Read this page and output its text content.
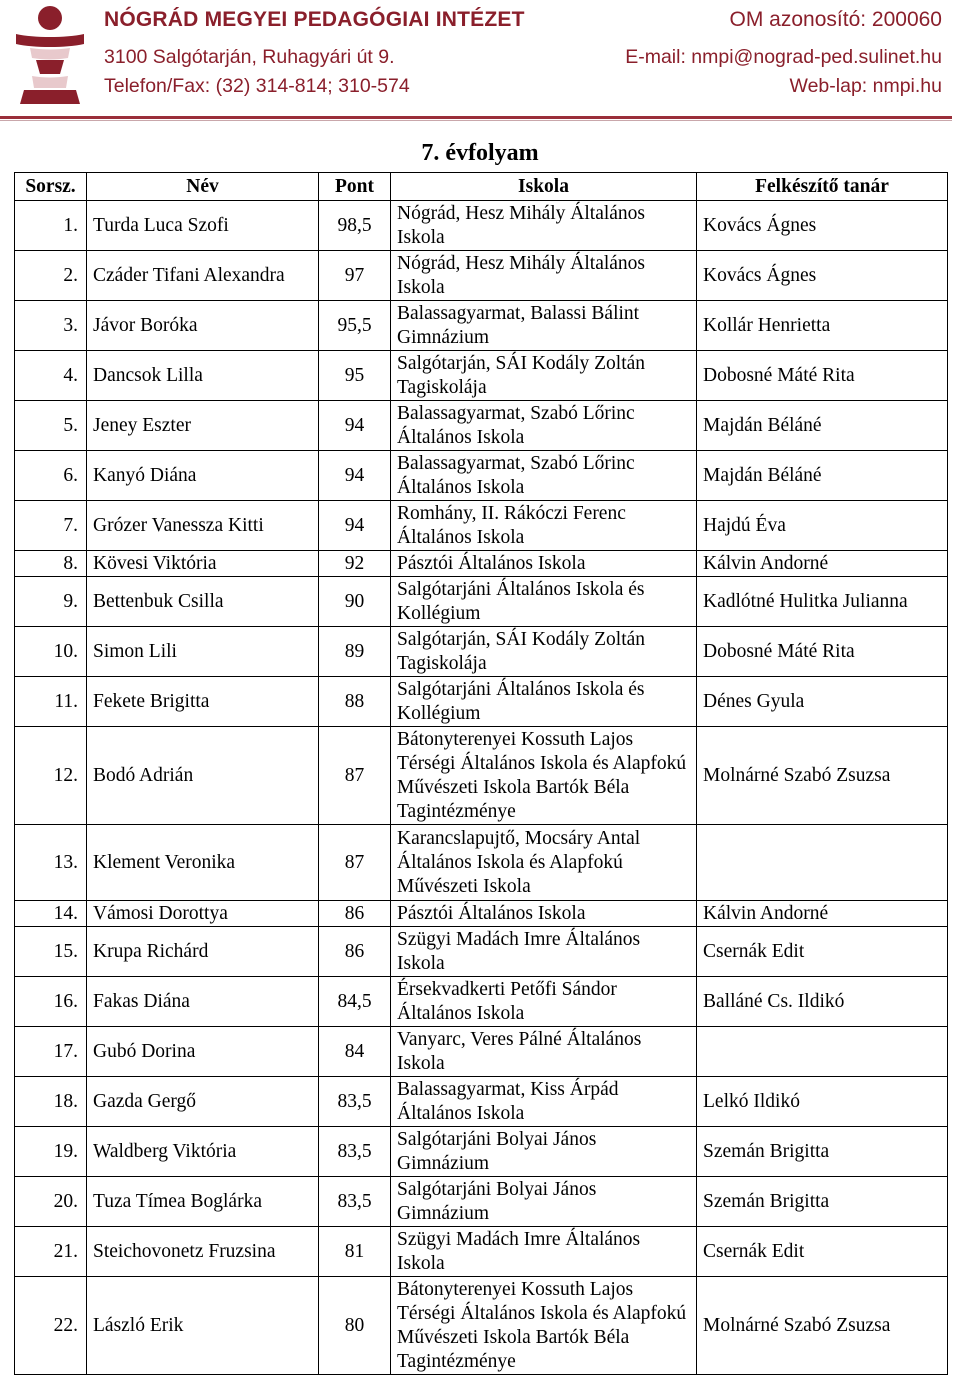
NÓGRÁD MEGYEI PEDAGÓGIAI INTÉZET	OM azonosító: 200060
3100 Salgótarján, Ruhagyári út 9.	E-mail: nmpi@nograd-ped.sulinet.hu
Telefon/Fax: (32) 314-814; 310-574	Web-lap: nmpi.hu
7. évfolyam
Sorsz.	Név	Pont	Iskola	Felkészítő tanár
1.	Turda Luca Szofi	98,5	Nógrád, Hesz Mihály Általános Iskola	Kovács Ágnes
2.	Czáder Tifani Alexandra	97	Nógrád, Hesz Mihály Általános Iskola	Kovács Ágnes
3.	Jávor Boróka	95,5	Balassagyarmat, Balassi Bálint Gimnázium	Kollár Henrietta
4.	Dancsok Lilla	95	Salgótarján, SÁI Kodály Zoltán Tagiskolája	Dobosné Máté Rita
5.	Jeney Eszter	94	Balassagyarmat, Szabó Lőrinc Általános Iskola	Majdán Béláné
6.	Kanyó Diána	94	Balassagyarmat, Szabó Lőrinc Általános Iskola	Majdán Béláné
7.	Grózer Vanessza Kitti	94	Romhány, II. Rákóczi Ferenc Általános Iskola	Hajdú Éva
8.	Kövesi Viktória	92	Pásztói Általános Iskola	Kálvin Andorné
9.	Bettenbuk Csilla	90	Salgótarjáni Általános Iskola és Kollégium	Kadlótné Hulitka Julianna
10.	Simon Lili	89	Salgótarján, SÁI Kodály Zoltán Tagiskolája	Dobosné Máté Rita
11.	Fekete Brigitta	88	Salgótarjáni Általános Iskola és Kollégium	Dénes Gyula
12.	Bodó Adrián	87	Bátonyterenyei Kossuth Lajos Térségi Általános Iskola és Alapfokú Művészeti Iskola Bartók Béla Tagintézménye	Molnárné Szabó Zsuzsa
13.	Klement Veronika	87	Karancslapujtő, Mocsáry Antal Általános Iskola és Alapfokú Művészeti Iskola	
14.	Vámosi Dorottya	86	Pásztói Általános Iskola	Kálvin Andorné
15.	Krupa Richárd	86	Szügyi Madách Imre Általános Iskola	Csernák Edit
16.	Fakas Diána	84,5	Érsekvadkerti Petőfi Sándor Általános Iskola	Balláné Cs. Ildikó
17.	Gubó Dorina	84	Vanyarc, Veres Pálné Általános Iskola	
18.	Gazda Gergő	83,5	Balassagyarmat, Kiss Árpád Általános Iskola	Lelkó Ildikó
19.	Waldberg Viktória	83,5	Salgótarjáni Bolyai János Gimnázium	Szemán Brigitta
20.	Tuza Tímea Boglárka	83,5	Salgótarjáni Bolyai János Gimnázium	Szemán Brigitta
21.	Steichovonetz Fruzsina	81	Szügyi Madách Imre Általános Iskola	Csernák Edit
22.	László Erik	80	Bátonyterenyei Kossuth Lajos Térségi Általános Iskola és Alapfokú Művészeti Iskola Bartók Béla Tagintézménye	Molnárné Szabó Zsuzsa
